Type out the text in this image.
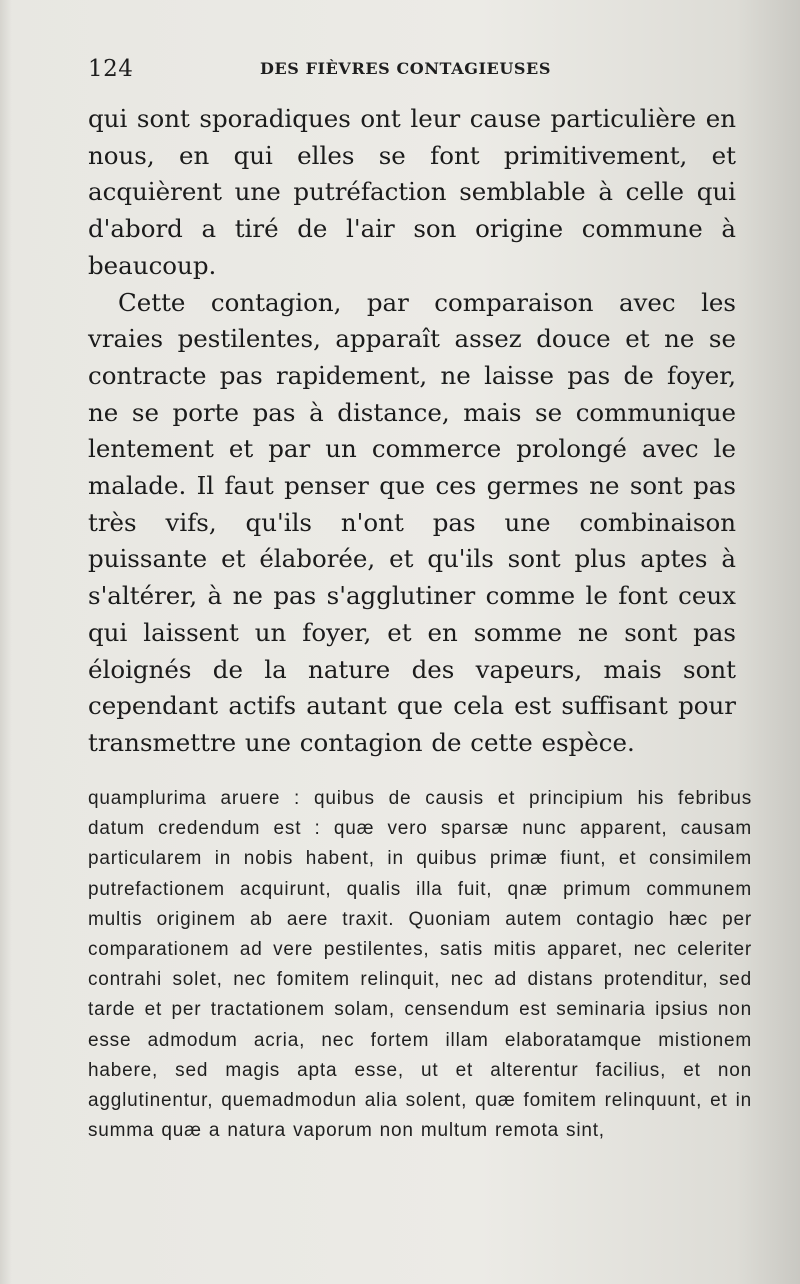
124	DES FIÈVRES CONTAGIEUSES

qui sont sporadiques ont leur cause particulière en nous, en qui elles se font primitivement, et acquièrent une putréfaction semblable à celle qui d'abord a tiré de l'air son origine commune à beaucoup.

Cette contagion, par comparaison avec les vraies pestilentes, apparaît assez douce et ne se contracte pas rapidement, ne laisse pas de foyer, ne se porte pas à distance, mais se communique lentement et par un commerce prolongé avec le malade. Il faut penser que ces germes ne sont pas très vifs, qu'ils n'ont pas une combinaison puissante et élaborée, et qu'ils sont plus aptes à s'altérer, à ne pas s'agglutiner comme le font ceux qui laissent un foyer, et en somme ne sont pas éloignés de la nature des vapeurs, mais sont cependant actifs autant que cela est suffisant pour transmettre une contagion de cette espèce.

quamplurima aruere : quibus de causis et principium his febribus datum credendum est : quæ vero sparsæ nunc apparent, causam particularem in nobis habent, in quibus primæ fiunt, et consimilem putrefactionem acquirunt, qualis illa fuit, qnæ primum communem multis originem ab aere traxit. Quoniam autem contagio hæc per comparationem ad vere pestilentes, satis mitis apparet, nec celeriter contrahi solet, nec fomitem relinquit, nec ad distans protenditur, sed tarde et per tractationem solam, censendum est seminaria ipsius non esse admodum acria, nec fortem illam elaboratamque mistionem habere, sed magis apta esse, ut et alterentur facilius, et non agglutinentur, quemadmodun alia solent, quæ fomitem relinquunt, et in summa quæ a natura vaporum non multum remota sint,
